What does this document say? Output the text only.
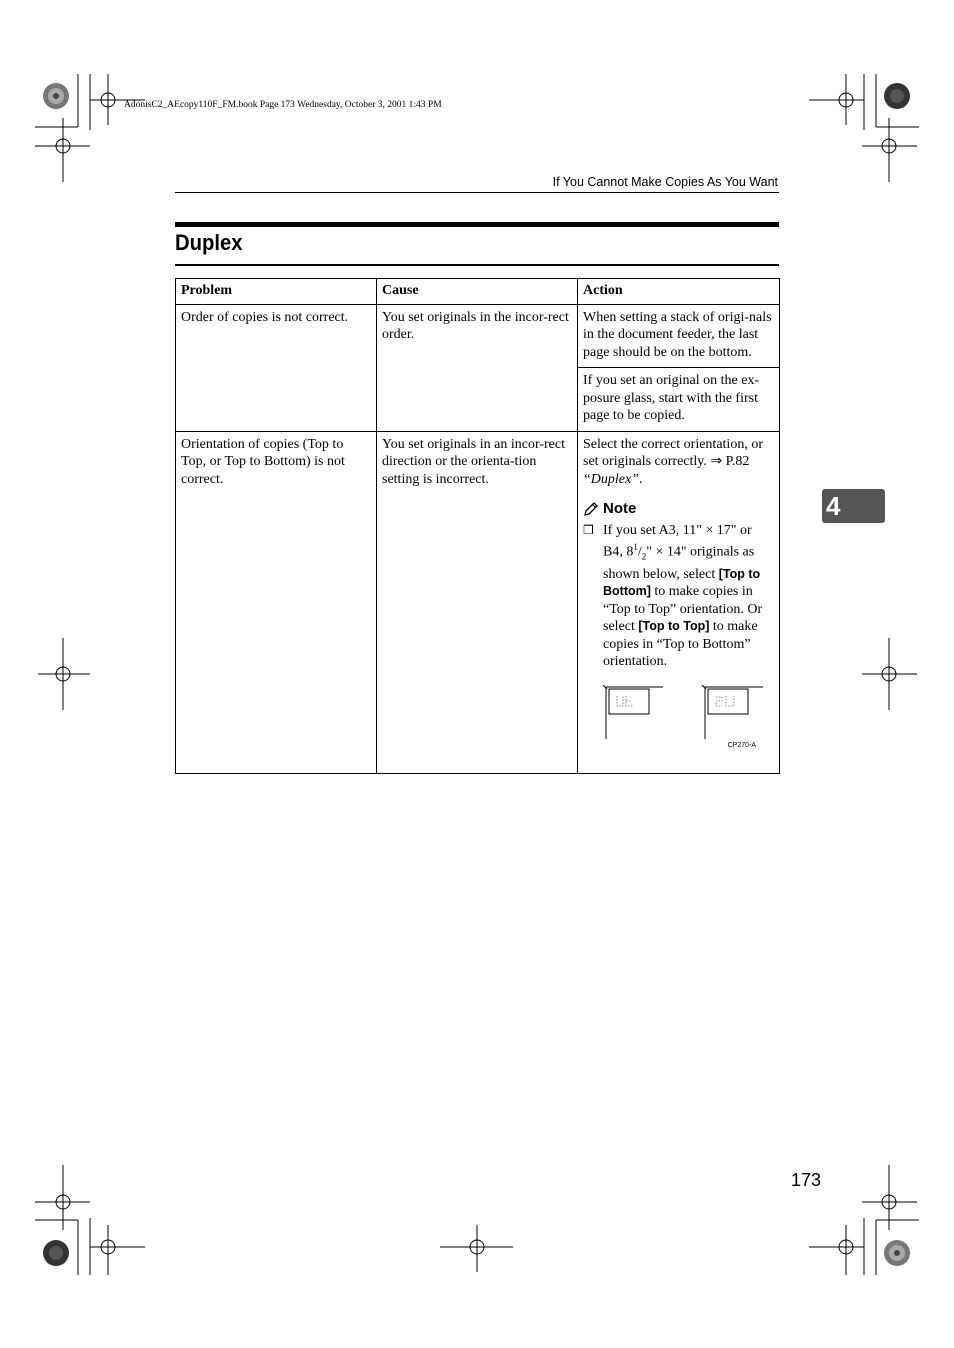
AdonisC2_AEcopy110F_FM.book Page 173 Wednesday, October 3, 2001 1:43 PM
If You Cannot Make Copies As You Want
Duplex
4
Problem	Cause	Action
Order of copies is not correct.	You set originals in the incor-rect order.	When setting a stack of origi-nals in the document feeder, the last page should be on the bottom.
		If you set an original on the ex-posure glass, start with the first page to be copied.
Orientation of copies (Top to Top, or Top to Bottom) is not correct.	You set originals in an incor-rect direction or the orienta-tion setting is incorrect.	Select the correct orientation, or set originals correctly. ⇒ P.82 “Duplex”.
Note
❒ If you set A3, 11" × 17" or B4, $8^1/_2$" × 14" originals as shown below, select [Top to Bottom] to make copies in “Top to Top” orientation. Or select [Top to Top] to make copies in “Top to Bottom” orientation.
CP270-A
173
